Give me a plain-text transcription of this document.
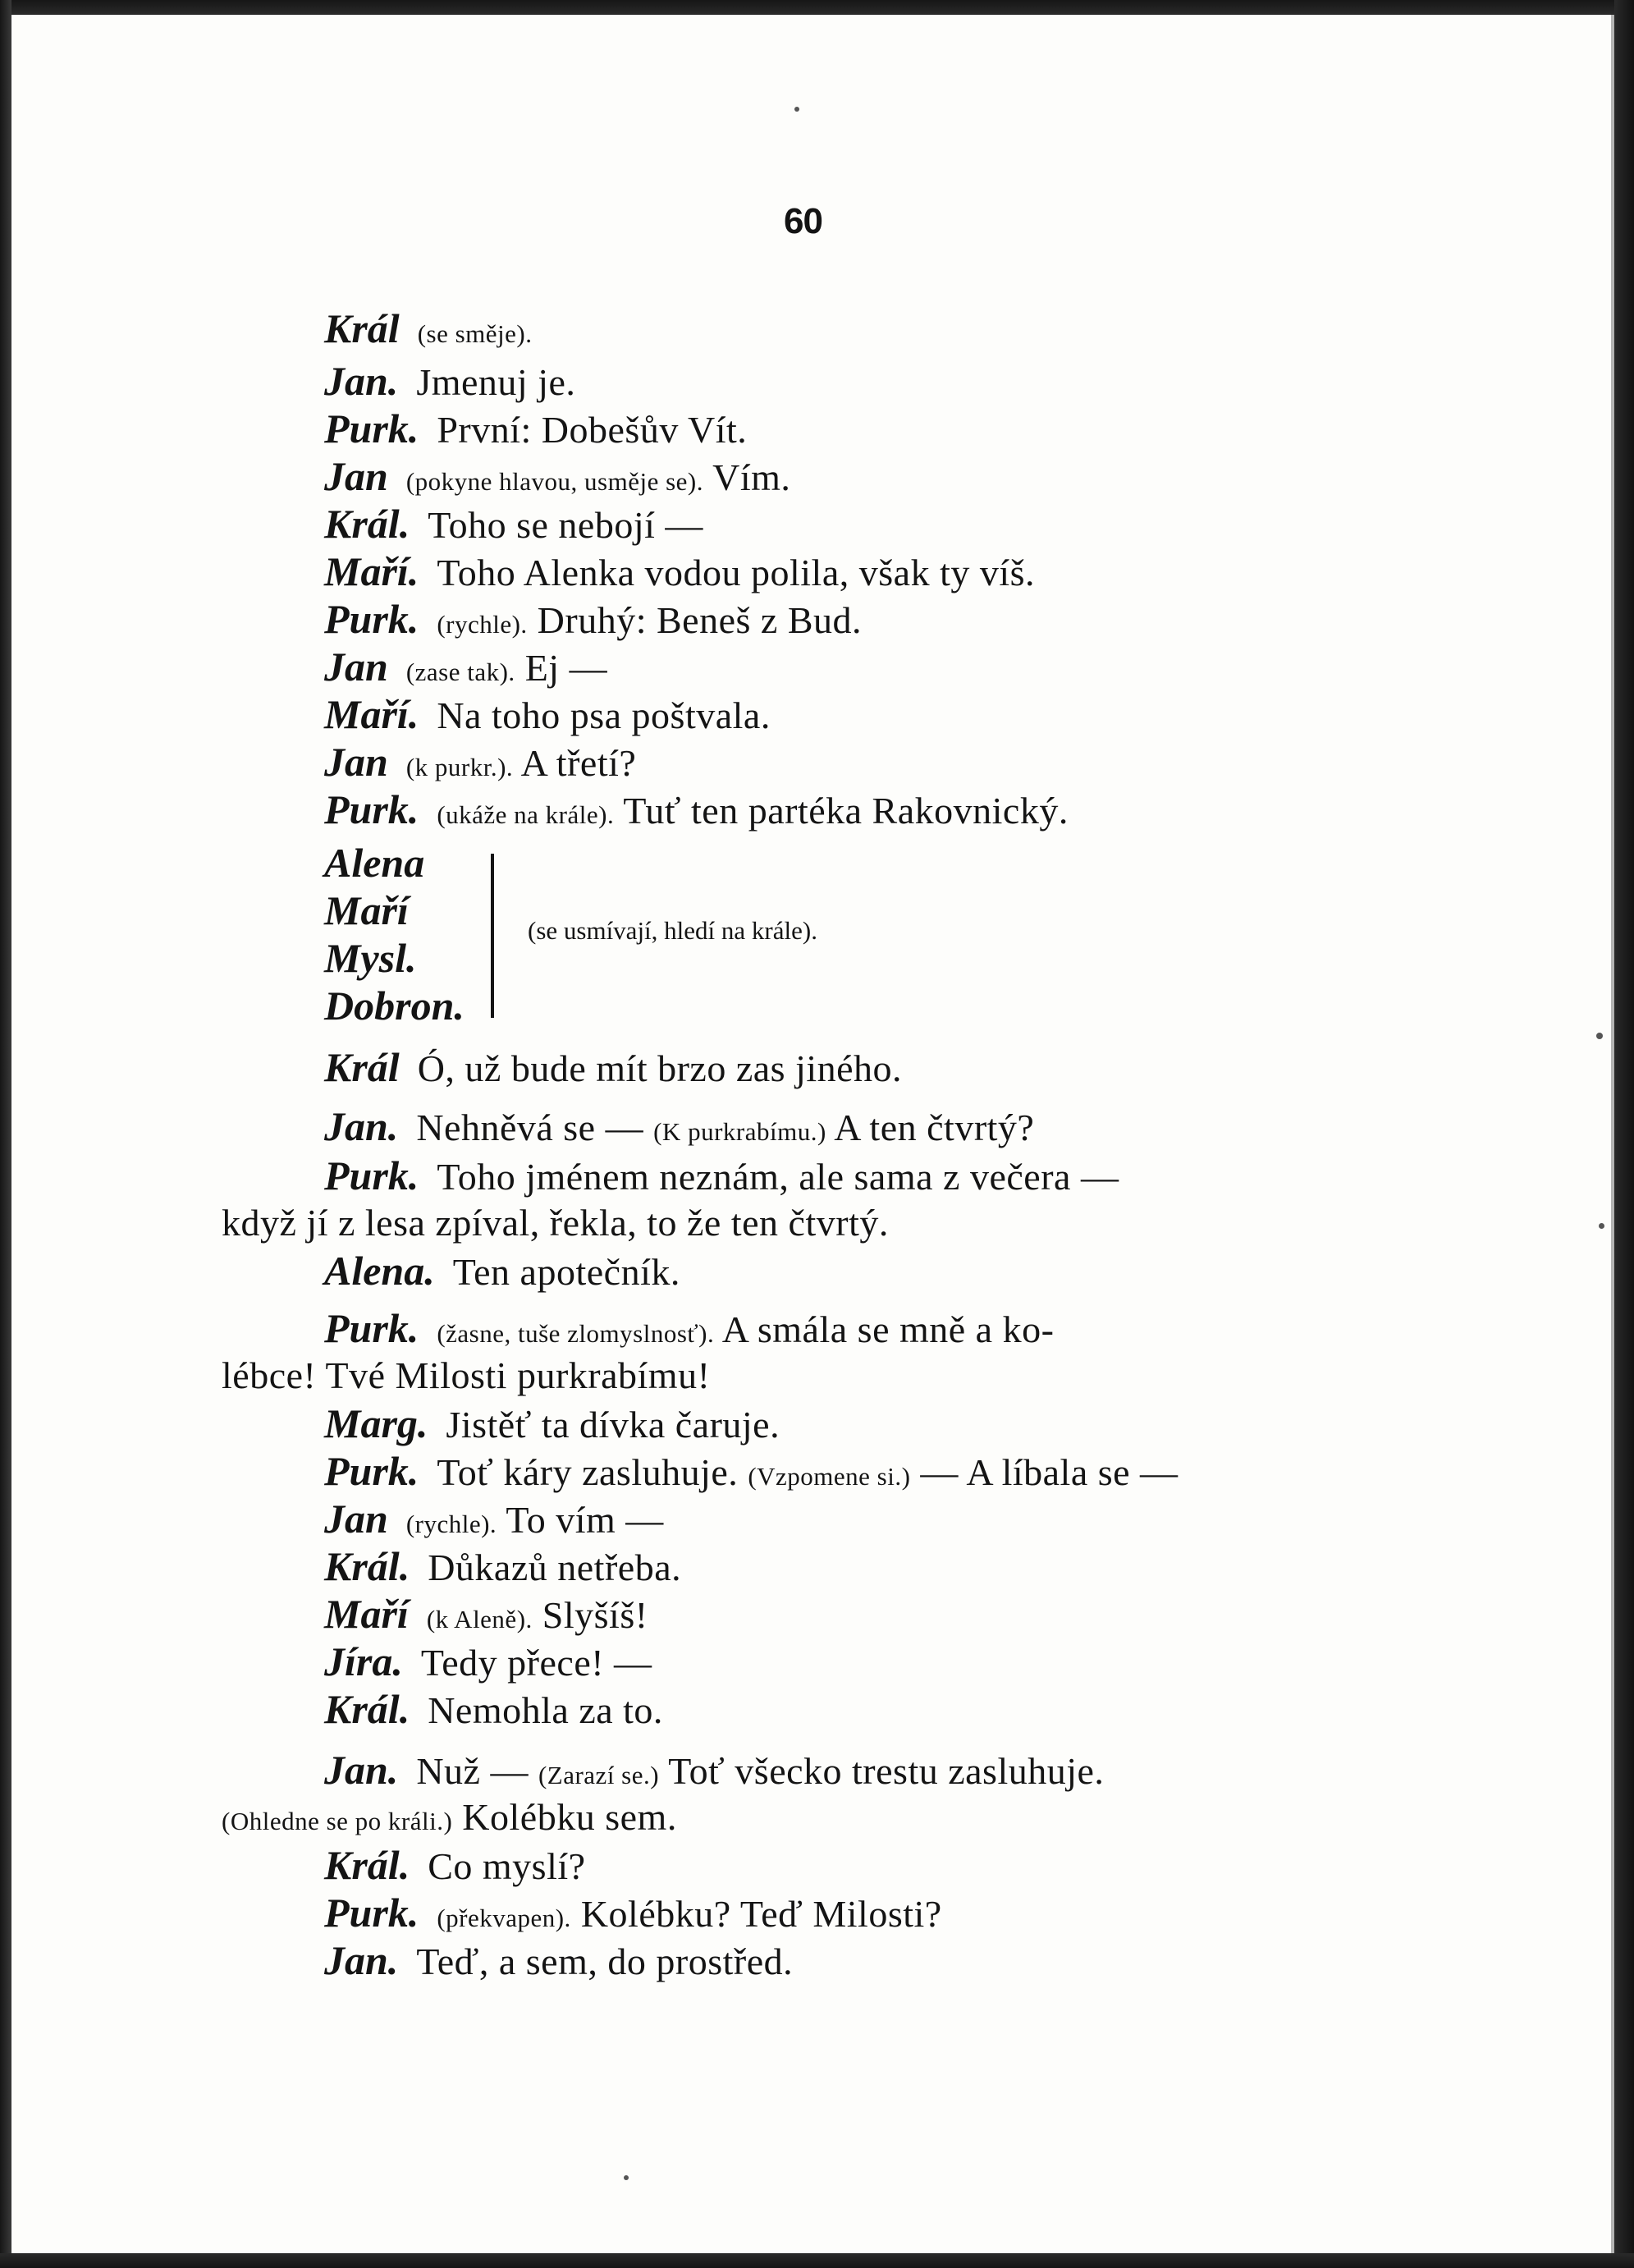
60
Král (se směje).
Jan. Jmenuj je.
Purk. První: Dobešův Vít.
Jan (pokyne hlavou, usměje se). Vím.
Král. Toho se nebojí —
Maří. Toho Alenka vodou polila, však ty víš.
Purk. (rychle). Druhý: Beneš z Bud.
Jan (zase tak). Ej —
Maří. Na toho psa poštvala.
Jan (k purkr.). A třetí?
Purk. (ukáže na krále). Tuť ten partéka Rakovnický.
Alena
Maří
Mysl.
Dobron.
(se usmívají, hledí na krále).
Král Ó, už bude mít brzo zas jiného.
Jan. Nehněvá se — (K purkrabímu.) A ten čtvrtý?
Purk. Toho jménem neznám, ale sama z večera —
když jí z lesa zpíval, řekla, to že ten čtvrtý.
Alena. Ten apotečník.
Purk. (žasne, tuše zlomyslnosť). A smála se mně a ko-
lébce! Tvé Milosti purkrabímu!
Marg. Jistěť ta dívka čaruje.
Purk. Toť káry zasluhuje. (Vzpomene si.) — A líbala se —
Jan (rychle). To vím —
Král. Důkazů netřeba.
Maří (k Aleně). Slyšíš!
Jíra. Tedy přece! —
Král. Nemohla za to.
Jan. Nuž — (Zarazí se.) Toť všecko trestu zasluhuje.
(Ohledne se po králi.) Kolébku sem.
Král. Co myslí?
Purk. (překvapen). Kolébku? Teď Milosti?
Jan. Teď, a sem, do prostřed.
